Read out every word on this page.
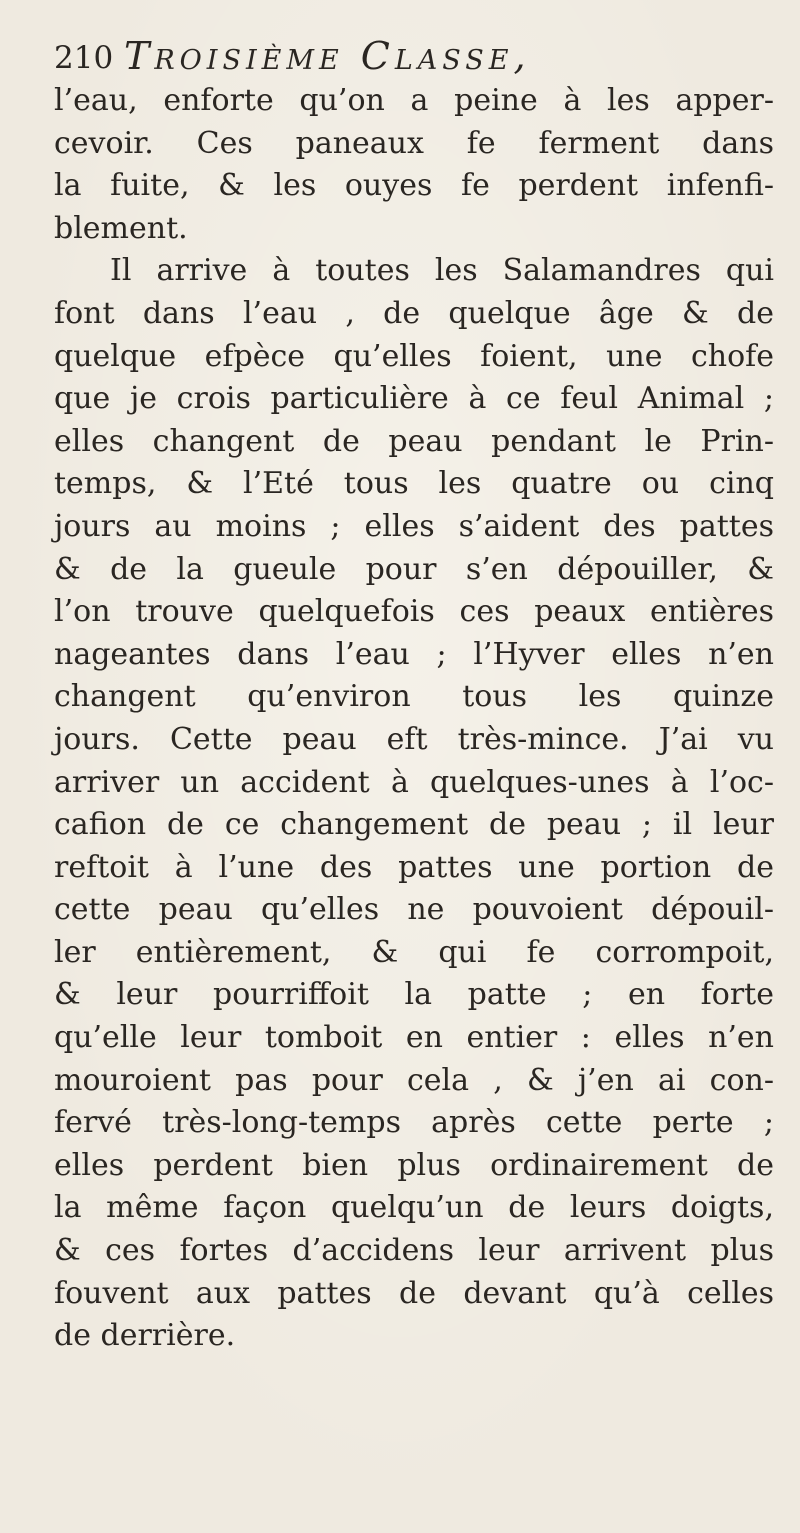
210 Troisième Classe,
l’eau, enforte qu’on a peine à les apper-
cevoir. Ces paneaux fe ferment dans
la fuite, & les ouyes fe perdent infenfi-
blement.
Il arrive à toutes les Salamandres qui
font dans l’eau , de quelque âge & de
quelque efpèce qu’elles foient, une chofe
que je crois particulière à ce feul Animal ;
elles changent de peau pendant le Prin-
temps, & l’Eté tous les quatre ou cinq
jours au moins ; elles s’aident des pattes
& de la gueule pour s’en dépouiller, &
l’on trouve quelquefois ces peaux entières
nageantes dans l’eau ; l’Hyver elles n’en
changent qu’environ tous les quinze
jours. Cette peau eft très-mince. J’ai vu
arriver un accident à quelques-unes à l’oc-
cafion de ce changement de peau ; il leur
reftoit à l’une des pattes une portion de
cette peau qu’elles ne pouvoient dépouil-
ler entièrement, & qui fe corrompoit,
& leur pourriffoit la patte ; en forte
qu’elle leur tomboit en entier : elles n’en
mouroient pas pour cela , & j’en ai con-
fervé très-long-temps après cette perte ;
elles perdent bien plus ordinairement de
la même façon quelqu’un de leurs doigts,
& ces fortes d’accidens leur arrivent plus
fouvent aux pattes de devant qu’à celles
de derrière.
